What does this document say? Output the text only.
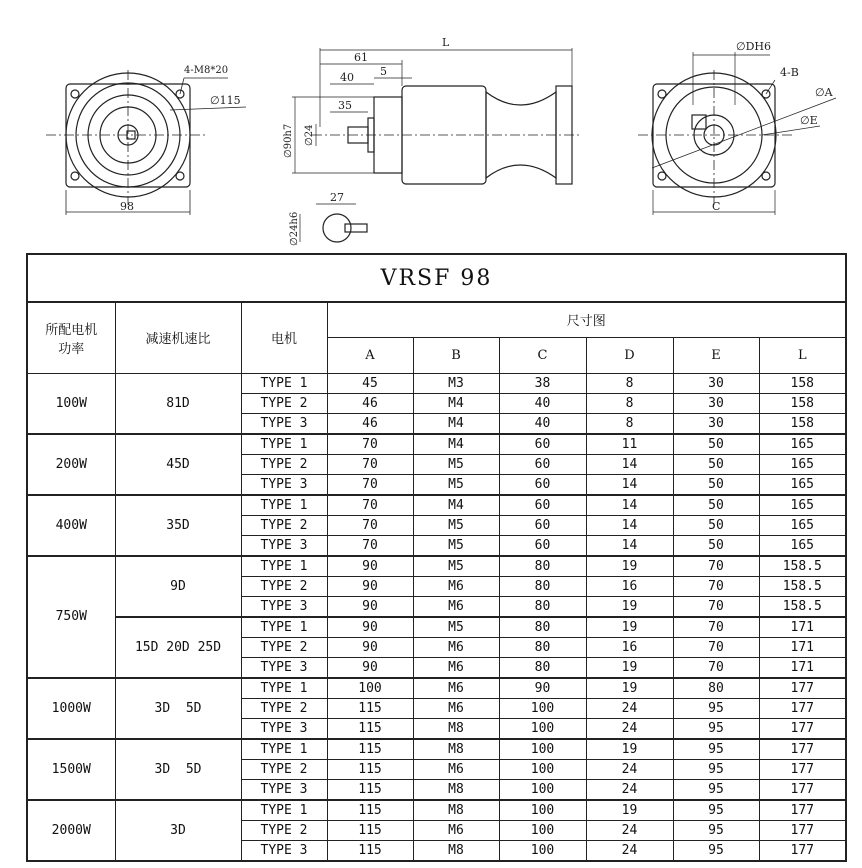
4-M8*20
∅115
98
L
61
40 5
35
∅90h7 ∅24
27
∅24h6
∅DH6
4-B
∅A
∅E
C
VRSF 98								
所配电机功率	减速机速比	电机	尺寸图					
			A	B	C	D	E	L
100W	81D	TYPE 1	45	M3	38	8	30	158
		TYPE 2	46	M4	40	8	30	158
		TYPE 3	46	M4	40	8	30	158
200W	45D	TYPE 1	70	M4	60	11	50	165
		TYPE 2	70	M5	60	14	50	165
		TYPE 3	70	M5	60	14	50	165
400W	35D	TYPE 1	70	M4	60	14	50	165
		TYPE 2	70	M5	60	14	50	165
		TYPE 3	70	M5	60	14	50	165
750W	9D	TYPE 1	90	M5	80	19	70	158.5
		TYPE 2	90	M6	80	16	70	158.5
		TYPE 3	90	M6	80	19	70	158.5
	15D 20D 25D	TYPE 1	90	M5	80	19	70	171
		TYPE 2	90	M6	80	16	70	171
		TYPE 3	90	M6	80	19	70	171
1000W	3D  5D	TYPE 1	100	M6	90	19	80	177
		TYPE 2	115	M6	100	24	95	177
		TYPE 3	115	M8	100	24	95	177
1500W	3D  5D	TYPE 1	115	M8	100	19	95	177
		TYPE 2	115	M6	100	24	95	177
		TYPE 3	115	M8	100	24	95	177
2000W	3D	TYPE 1	115	M8	100	19	95	177
		TYPE 2	115	M6	100	24	95	177
		TYPE 3	115	M8	100	24	95	177
